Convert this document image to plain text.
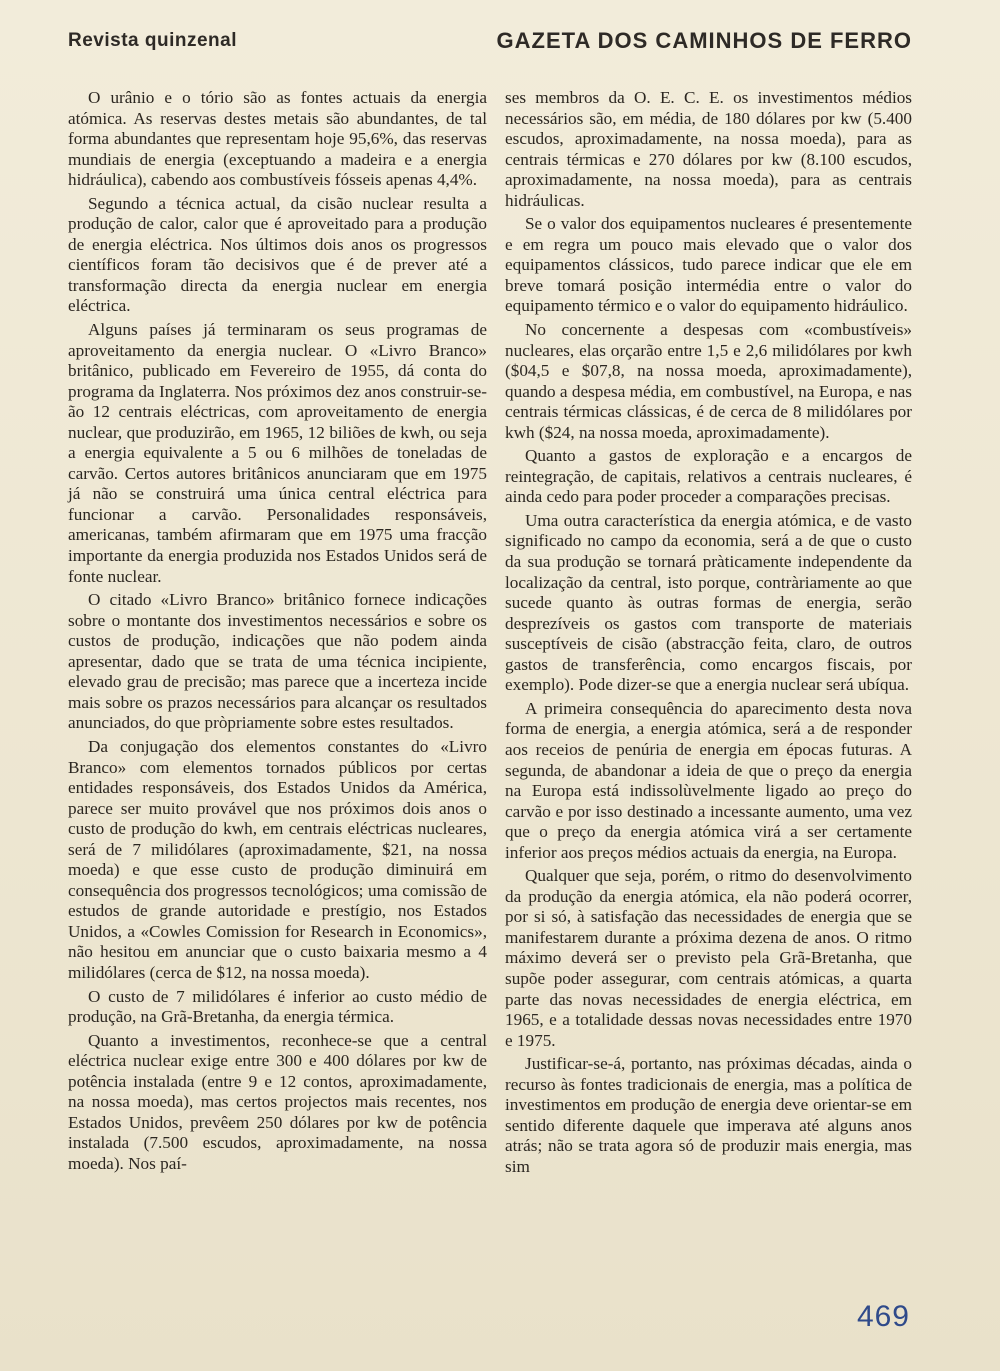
Revista quinzenal	GAZETA DOS CAMINHOS DE FERRO

O urânio e o tório são as fontes actuais da energia atómica. As reservas destes metais são abundantes, de tal forma abundantes que representam hoje 95,6%, das reservas mundiais de energia (exceptuando a madeira e a energia hidráulica), cabendo aos combustíveis fósseis apenas 4,4%.

Segundo a técnica actual, da cisão nuclear resulta a produção de calor, calor que é aproveitado para a produção de energia eléctrica. Nos últimos dois anos os progressos científicos foram tão decisivos que é de prever até a transformação directa da energia nuclear em energia eléctrica.

Alguns países já terminaram os seus programas de aproveitamento da energia nuclear. O «Livro Branco» britânico, publicado em Fevereiro de 1955, dá conta do programa da Inglaterra. Nos próximos dez anos construir-se-ão 12 centrais eléctricas, com aproveitamento de energia nuclear, que produzirão, em 1965, 12 biliões de kwh, ou seja a energia equivalente a 5 ou 6 milhões de toneladas de carvão. Certos autores britânicos anunciaram que em 1975 já não se construirá uma única central eléctrica para funcionar a carvão. Personalidades responsáveis, americanas, também afirmaram que em 1975 uma fracção importante da energia produzida nos Estados Unidos será de fonte nuclear.

O citado «Livro Branco» britânico fornece indicações sobre o montante dos investimentos necessários e sobre os custos de produção, indicações que não podem ainda apresentar, dado que se trata de uma técnica incipiente, elevado grau de precisão; mas parece que a incerteza incide mais sobre os prazos necessários para alcançar os resultados anunciados, do que pròpriamente sobre estes resultados.

Da conjugação dos elementos constantes do «Livro Branco» com elementos tornados públicos por certas entidades responsáveis, dos Estados Unidos da América, parece ser muito provável que nos próximos dois anos o custo de produção do kwh, em centrais eléctricas nucleares, será de 7 milidólares (aproximadamente, $21, na nossa moeda) e que esse custo de produção diminuirá em consequência dos progressos tecnológicos; uma comissão de estudos de grande autoridade e prestígio, nos Estados Unidos, a «Cowles Comission for Research in Economics», não hesitou em anunciar que o custo baixaria mesmo a 4 milidólares (cerca de $12, na nossa moeda).

O custo de 7 milidólares é inferior ao custo médio de produção, na Grã-Bretanha, da energia térmica.

Quanto a investimentos, reconhece-se que a central eléctrica nuclear exige entre 300 e 400 dólares por kw de potência instalada (entre 9 e 12 contos, aproximadamente, na nossa moeda), mas certos projectos mais recentes, nos Estados Unidos, prevêem 250 dólares por kw de potência instalada (7.500 escudos, aproximadamente, na nossa moeda). Nos paí-

ses membros da O. E. C. E. os investimentos médios necessários são, em média, de 180 dólares por kw (5.400 escudos, aproximadamente, na nossa moeda), para as centrais térmicas e 270 dólares por kw (8.100 escudos, aproximadamente, na nossa moeda), para as centrais hidráulicas.

Se o valor dos equipamentos nucleares é presentemente e em regra um pouco mais elevado que o valor dos equipamentos clássicos, tudo parece indicar que ele em breve tomará posição intermédia entre o valor do equipamento térmico e o valor do equipamento hidráulico.

No concernente a despesas com «combustíveis» nucleares, elas orçarão entre 1,5 e 2,6 milidólares por kwh ($04,5 e $07,8, na nossa moeda, aproximadamente), quando a despesa média, em combustível, na Europa, e nas centrais térmicas clássicas, é de cerca de 8 milidólares por kwh ($24, na nossa moeda, aproximadamente).

Quanto a gastos de exploração e a encargos de reintegração, de capitais, relativos a centrais nucleares, é ainda cedo para poder proceder a comparações precisas.

Uma outra característica da energia atómica, e de vasto significado no campo da economia, será a de que o custo da sua produção se tornará pràticamente independente da localização da central, isto porque, contràriamente ao que sucede quanto às outras formas de energia, serão desprezíveis os gastos com transporte de materiais susceptíveis de cisão (abstracção feita, claro, de outros gastos de transferência, como encargos fiscais, por exemplo). Pode dizer-se que a energia nuclear será ubíqua.

A primeira consequência do aparecimento desta nova forma de energia, a energia atómica, será a de responder aos receios de penúria de energia em épocas futuras. A segunda, de abandonar a ideia de que o preço da energia na Europa está indissolùvelmente ligado ao preço do carvão e por isso destinado a incessante aumento, uma vez que o preço da energia atómica virá a ser certamente inferior aos preços médios actuais da energia, na Europa.

Qualquer que seja, porém, o ritmo do desenvolvimento da produção da energia atómica, ela não poderá ocorrer, por si só, à satisfação das necessidades de energia que se manifestarem durante a próxima dezena de anos. O ritmo máximo deverá ser o previsto pela Grã-Bretanha, que supõe poder assegurar, com centrais atómicas, a quarta parte das novas necessidades de energia eléctrica, em 1965, e a totalidade dessas novas necessidades entre 1970 e 1975.

Justificar-se-á, portanto, nas próximas décadas, ainda o recurso às fontes tradicionais de energia, mas a política de investimentos em produção de energia deve orientar-se em sentido diferente daquele que imperava até alguns anos atrás; não se trata agora só de produzir mais energia, mas sim

469
